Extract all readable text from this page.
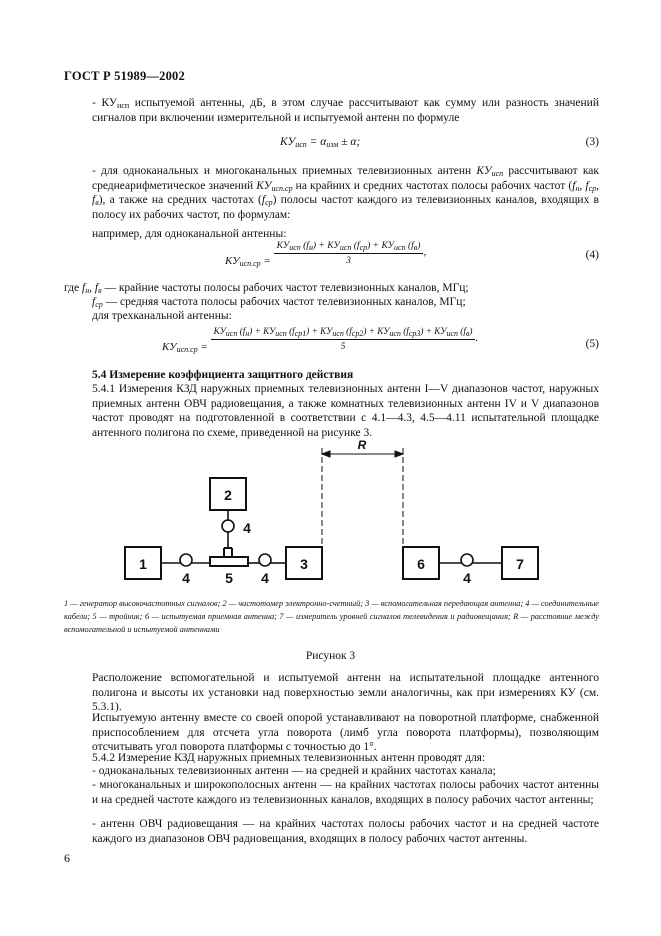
ГОСТ Р 51989—2002
- $КУ_{исп}$ испытуемой антенны, дБ, в этом случае рассчитывают как сумму или разность значений сигналов при включении измерительной и испытуемой антенн по формуле
$КУ_{исп} = \alpha_{изм} \pm \alpha$;	(3)
- для одноканальных и многоканальных приемных телевизионных антенн $КУ_{исп}$ рассчитывают как среднеарифметическое значений $КУ_{исп.ср}$ на крайних и средних частотах полосы рабочих частот ($f_н$, $f_{ср}$, $f_в$), а также на средних частотах $(f_{ср})$ полосы частот каждого из телевизионных каналов, входящих в полосу их рабочих частот, по формулам:
например, для одноканальной антенны:
$КУ_{исп.ср} = \frac{КУ_{исп} (f_н) + КУ_{исп} (f_{ср}) + КУ_{исп} (f_в)}{3}$ ,	(4)
где $f_н$, $f_в$ — крайние частоты полосы рабочих частот телевизионных каналов, МГц;
$f_{ср}$ — средняя частота полосы рабочих частот телевизионных каналов, МГц;
для трехканальной антенны:
$КУ_{исп.ср}$ =
$КУ_{исп}$ $(f_н) + КУ_{исп}$ $(f_{ср1}) + КУ_{исп}$ $(f_{ср2}) + КУ_{исп}$ $(f_{ср3}) + КУ_{исп}$ $(f_в)$
5
.
(5)
5.4 Измерение коэффициента защитного действия
5.4.1 Измерения КЗД наружных приемных телевизионных антенн I—V диапазонов частот, наружных приемных антенн ОВЧ радиовещания, а также комнатных телевизионных антенн IV и V диапазонов частот проводят на подготовленной в соответствии с 4.1—4.3, 4.5—4.11 испытательной площадке антенного полигона по схеме, приведенной на рисунке 3.
1
2
3
4
4	4
5
6
4
7
R
1 — генератор высокочастотных сигналов; 2 — частотомер электронно-счетный; 3 — вспомогательная передающая антенна; 4 — соединительные кабели; 5 — тройник; 6 — испытуемая приемная антенна; 7 — измеритель уровней сигналов телевидения и радиовещания; R — расстояние между вспомогательной и испытуемой антеннами
Рисунок 3
Расположение вспомогательной и испытуемой антенн на испытательной площадке антенного полигона и высоты их установки над поверхностью земли аналогичны, как при измерениях КУ (см. 5.3.1).
Испытуемую антенну вместе со своей опорой устанавливают на поворотной платформе, снабженной приспособлением для отсчета угла поворота (лимб угла поворота платформы), позволяющим отсчитывать угол поворота платформы с точностью до 1°.
5.4.2 Измерение КЗД наружных приемных телевизионных антенн проводят для:
- одноканальных телевизионных антенн — на средней и крайних частотах канала;
- многоканальных и широкополосных антенн — на крайних частотах полосы рабочих частот антенны и на средней частоте каждого из телевизионных каналов, входящих в полосу рабочих частот антенны;
- антенн ОВЧ радиовещания — на крайних частотах полосы рабочих частот и на средней частоте каждого из диапазонов ОВЧ радиовещания, входящих в полосу рабочих частот антенны.
6
